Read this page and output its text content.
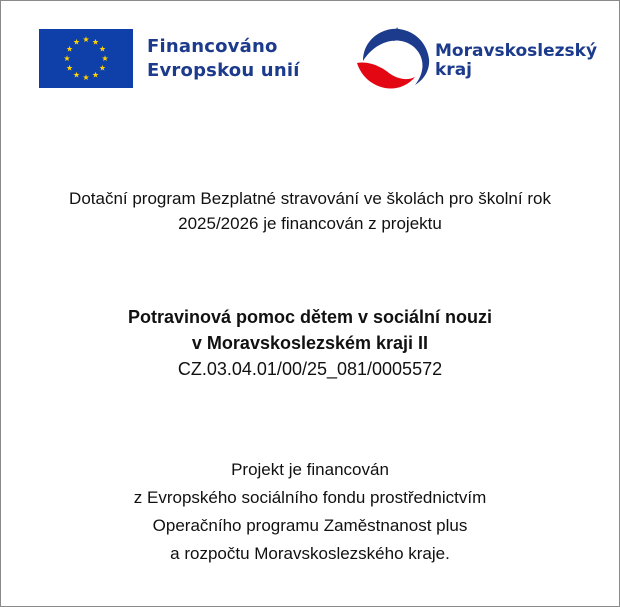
Financováno
Evropskou unií
Moravskoslezský
kraj
Dotační program Bezplatné stravování ve školách pro školní rok
2025/2026 je financován z projektu
Potravinová pomoc dětem v sociální nouzi
v Moravskoslezském kraji II
CZ.03.04.01/00/25_081/0005572
Projekt je financován
z Evropského sociálního fondu prostřednictvím
Operačního programu Zaměstnanost plus
a rozpočtu Moravskoslezského kraje.
